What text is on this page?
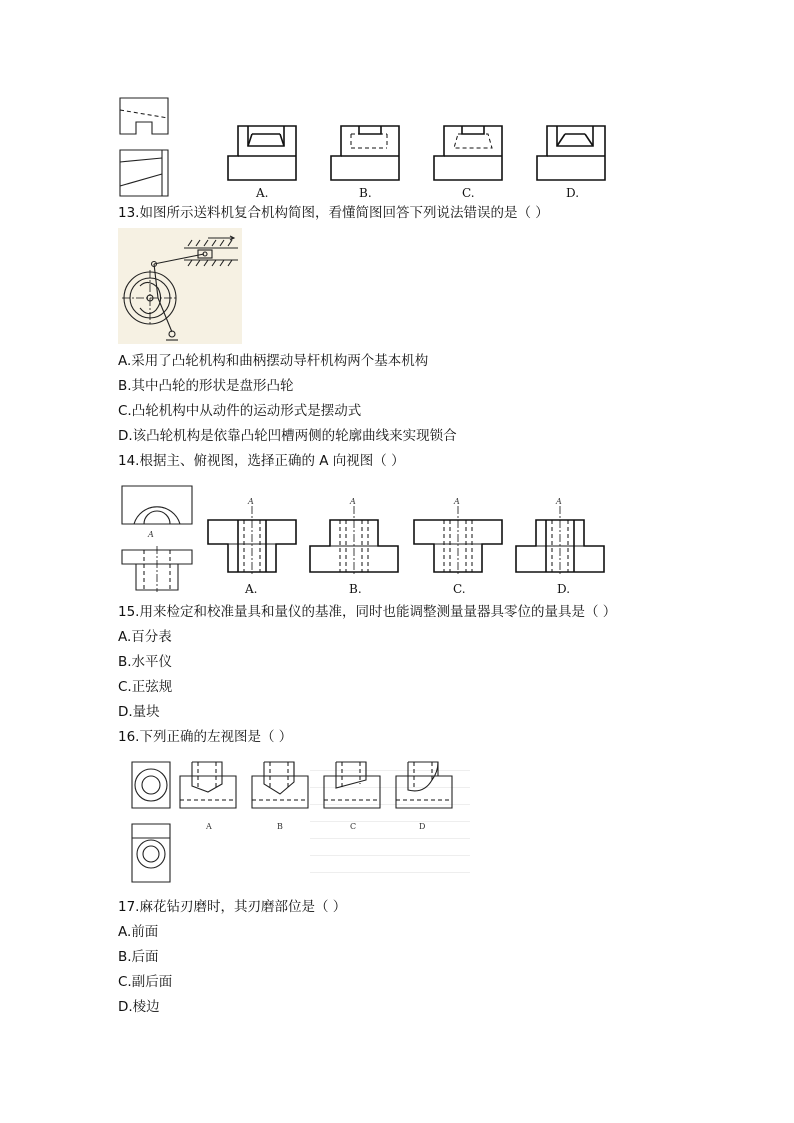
A.	B.	C.	D.
13.如图所示送料机复合机构简图，看懂简图回答下列说法错误的是（ ）
A.采用了凸轮机构和曲柄摆动导杆机构两个基本机构
B.其中凸轮的形状是盘形凸轮
C.凸轮机构中从动件的运动形式是摆动式
D.该凸轮机构是依靠凸轮凹槽两侧的轮廓曲线来实现锁合
14.根据主、俯视图，选择正确的 A 向视图（ ）
A
A	A	A	A
A.	B.	C.	D.
15.用来检定和校准量具和量仪的基准，同时也能调整测量量器具零位的量具是（ ）
A.百分表
B.水平仪
C.正弦规
D.量块
16.下列正确的左视图是（ ）
A	B	C	D
17.麻花钻刃磨时，其刃磨部位是（ ）
A.前面
B.后面
C.副后面
D.棱边
